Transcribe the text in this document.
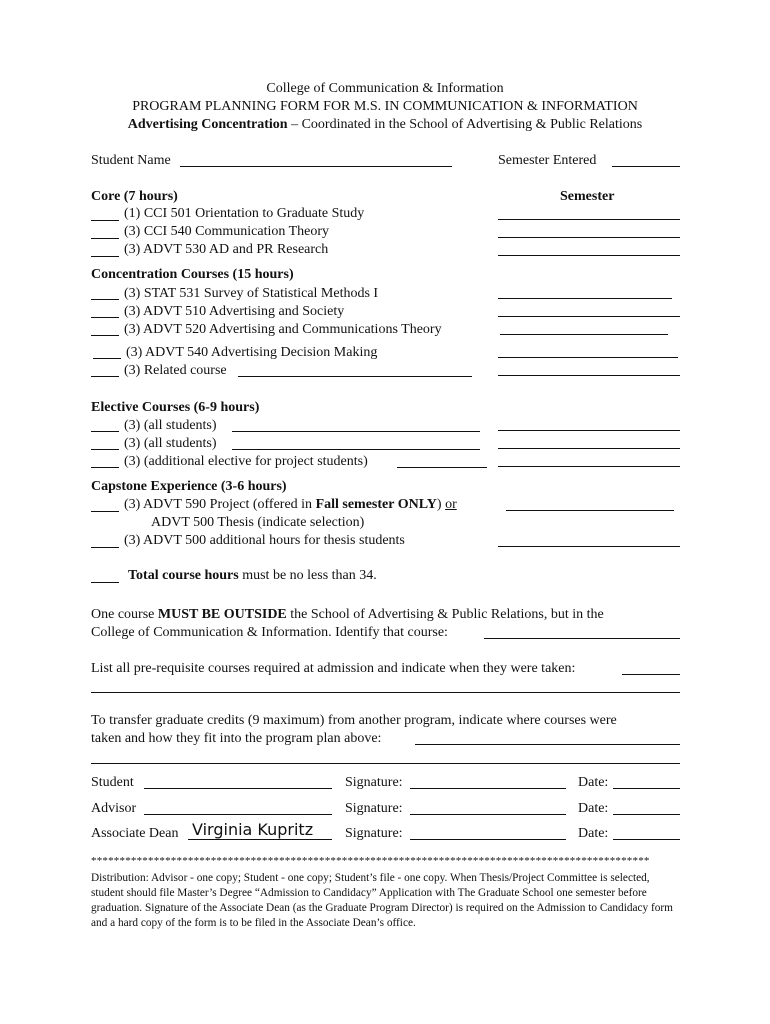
College of Communication & Information
PROGRAM PLANNING FORM FOR M.S. IN COMMUNICATION & INFORMATION
Advertising Concentration – Coordinated in the School of Advertising & Public Relations
Student Name	Semester Entered
Core (7 hours)	Semester
(1) CCI 501 Orientation to Graduate Study
(3) CCI 540 Communication Theory
(3) ADVT 530 AD and PR Research
Concentration Courses (15 hours)
(3) STAT 531 Survey of Statistical Methods I
(3) ADVT 510 Advertising and Society
(3) ADVT 520 Advertising and Communications Theory
(3) ADVT 540 Advertising Decision Making
(3) Related course
Elective Courses (6-9 hours)
(3) (all students)
(3) (all students)
(3) (additional elective for project students)
Capstone Experience (3-6 hours)
(3) ADVT 590 Project (offered in Fall semester ONLY) or
ADVT 500 Thesis (indicate selection)
(3) ADVT 500 additional hours for thesis students
Total course hours must be no less than 34.
One course MUST BE OUTSIDE the School of Advertising & Public Relations, but in the
College of Communication & Information. Identify that course:
List all pre-requisite courses required at admission and indicate when they were taken:
To transfer graduate credits (9 maximum) from another program, indicate where courses were
taken and how they fit into the program plan above:
Student	Signature:	Date:
Advisor	Signature:	Date:
Associate Dean Virginia Kupritz Signature:	Date:
**************************************************************************************************
Distribution: Advisor - one copy; Student - one copy; Student’s file - one copy. When Thesis/Project Committee is selected, student should file Master’s Degree “Admission to Candidacy” Application with The Graduate School one semester before graduation. Signature of the Associate Dean (as the Graduate Program Director) is required on the Admission to Candidacy form and a hard copy of the form is to be filed in the Associate Dean’s office.
